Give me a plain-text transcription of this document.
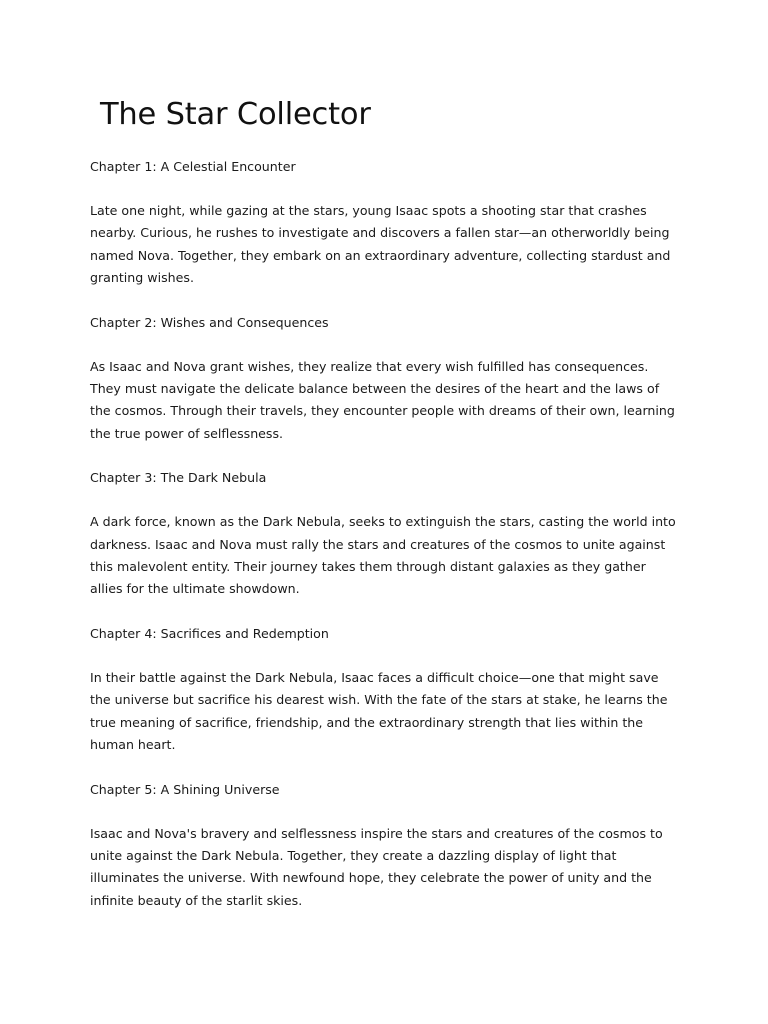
The Star Collector

Chapter 1: A Celestial Encounter

Late one night, while gazing at the stars, young Isaac spots a shooting star that crashes nearby. Curious, he rushes to investigate and discovers a fallen star—an otherworldly being named Nova. Together, they embark on an extraordinary adventure, collecting stardust and granting wishes.

Chapter 2: Wishes and Consequences

As Isaac and Nova grant wishes, they realize that every wish fulfilled has consequences. They must navigate the delicate balance between the desires of the heart and the laws of the cosmos. Through their travels, they encounter people with dreams of their own, learning the true power of selflessness.

Chapter 3: The Dark Nebula

A dark force, known as the Dark Nebula, seeks to extinguish the stars, casting the world into darkness. Isaac and Nova must rally the stars and creatures of the cosmos to unite against this malevolent entity. Their journey takes them through distant galaxies as they gather allies for the ultimate showdown.

Chapter 4: Sacrifices and Redemption

In their battle against the Dark Nebula, Isaac faces a difficult choice—one that might save the universe but sacrifice his dearest wish. With the fate of the stars at stake, he learns the true meaning of sacrifice, friendship, and the extraordinary strength that lies within the human heart.

Chapter 5: A Shining Universe

Isaac and Nova's bravery and selflessness inspire the stars and creatures of the cosmos to unite against the Dark Nebula. Together, they create a dazzling display of light that illuminates the universe. With newfound hope, they celebrate the power of unity and the infinite beauty of the starlit skies.
